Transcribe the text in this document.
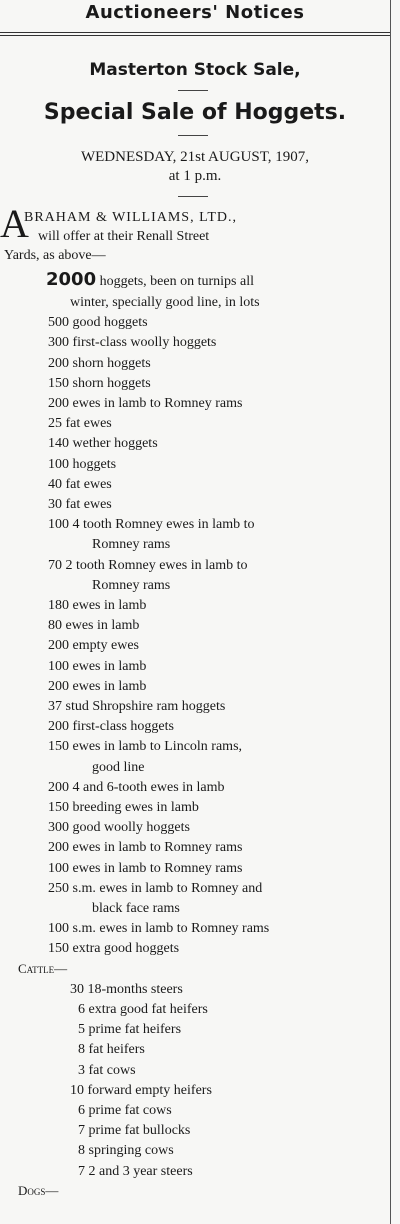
Auctioneers' Notices
Masterton Stock Sale,
Special Sale of Hoggets.
WEDNESDAY, 21st AUGUST, 1907,
at 1 p.m.
A
BRAHAM & WILLIAMS, LTD.,
will offer at their Renall Street
Yards, as above—
2000 hoggets, been on turnips all
winter, specially good line, in lots
500 good hoggets
300 first-class woolly hoggets
200 shorn hoggets
150 shorn hoggets
200 ewes in lamb to Romney rams
25 fat ewes
140 wether hoggets
100 hoggets
40 fat ewes
30 fat ewes
100 4 tooth Romney ewes in lamb to
Romney rams
70 2 tooth Romney ewes in lamb to
Romney rams
180 ewes in lamb
80 ewes in lamb
200 empty ewes
100 ewes in lamb
200 ewes in lamb
37 stud Shropshire ram hoggets
200 first-class hoggets
150 ewes in lamb to Lincoln rams,
good line
200 4 and 6-tooth ewes in lamb
150 breeding ewes in lamb
300 good woolly hoggets
200 ewes in lamb to Romney rams
100 ewes in lamb to Romney rams
250 s.m. ewes in lamb to Romney and
black face rams
100 s.m. ewes in lamb to Romney rams
150 extra good hoggets
Cattle—
30 18-months steers
6 extra good fat heifers
5 prime fat heifers
8 fat heifers
3 fat cows
10 forward empty heifers
6 prime fat cows
7 prime fat bullocks
8 springing cows
7 2 and 3 year steers
Dogs—
